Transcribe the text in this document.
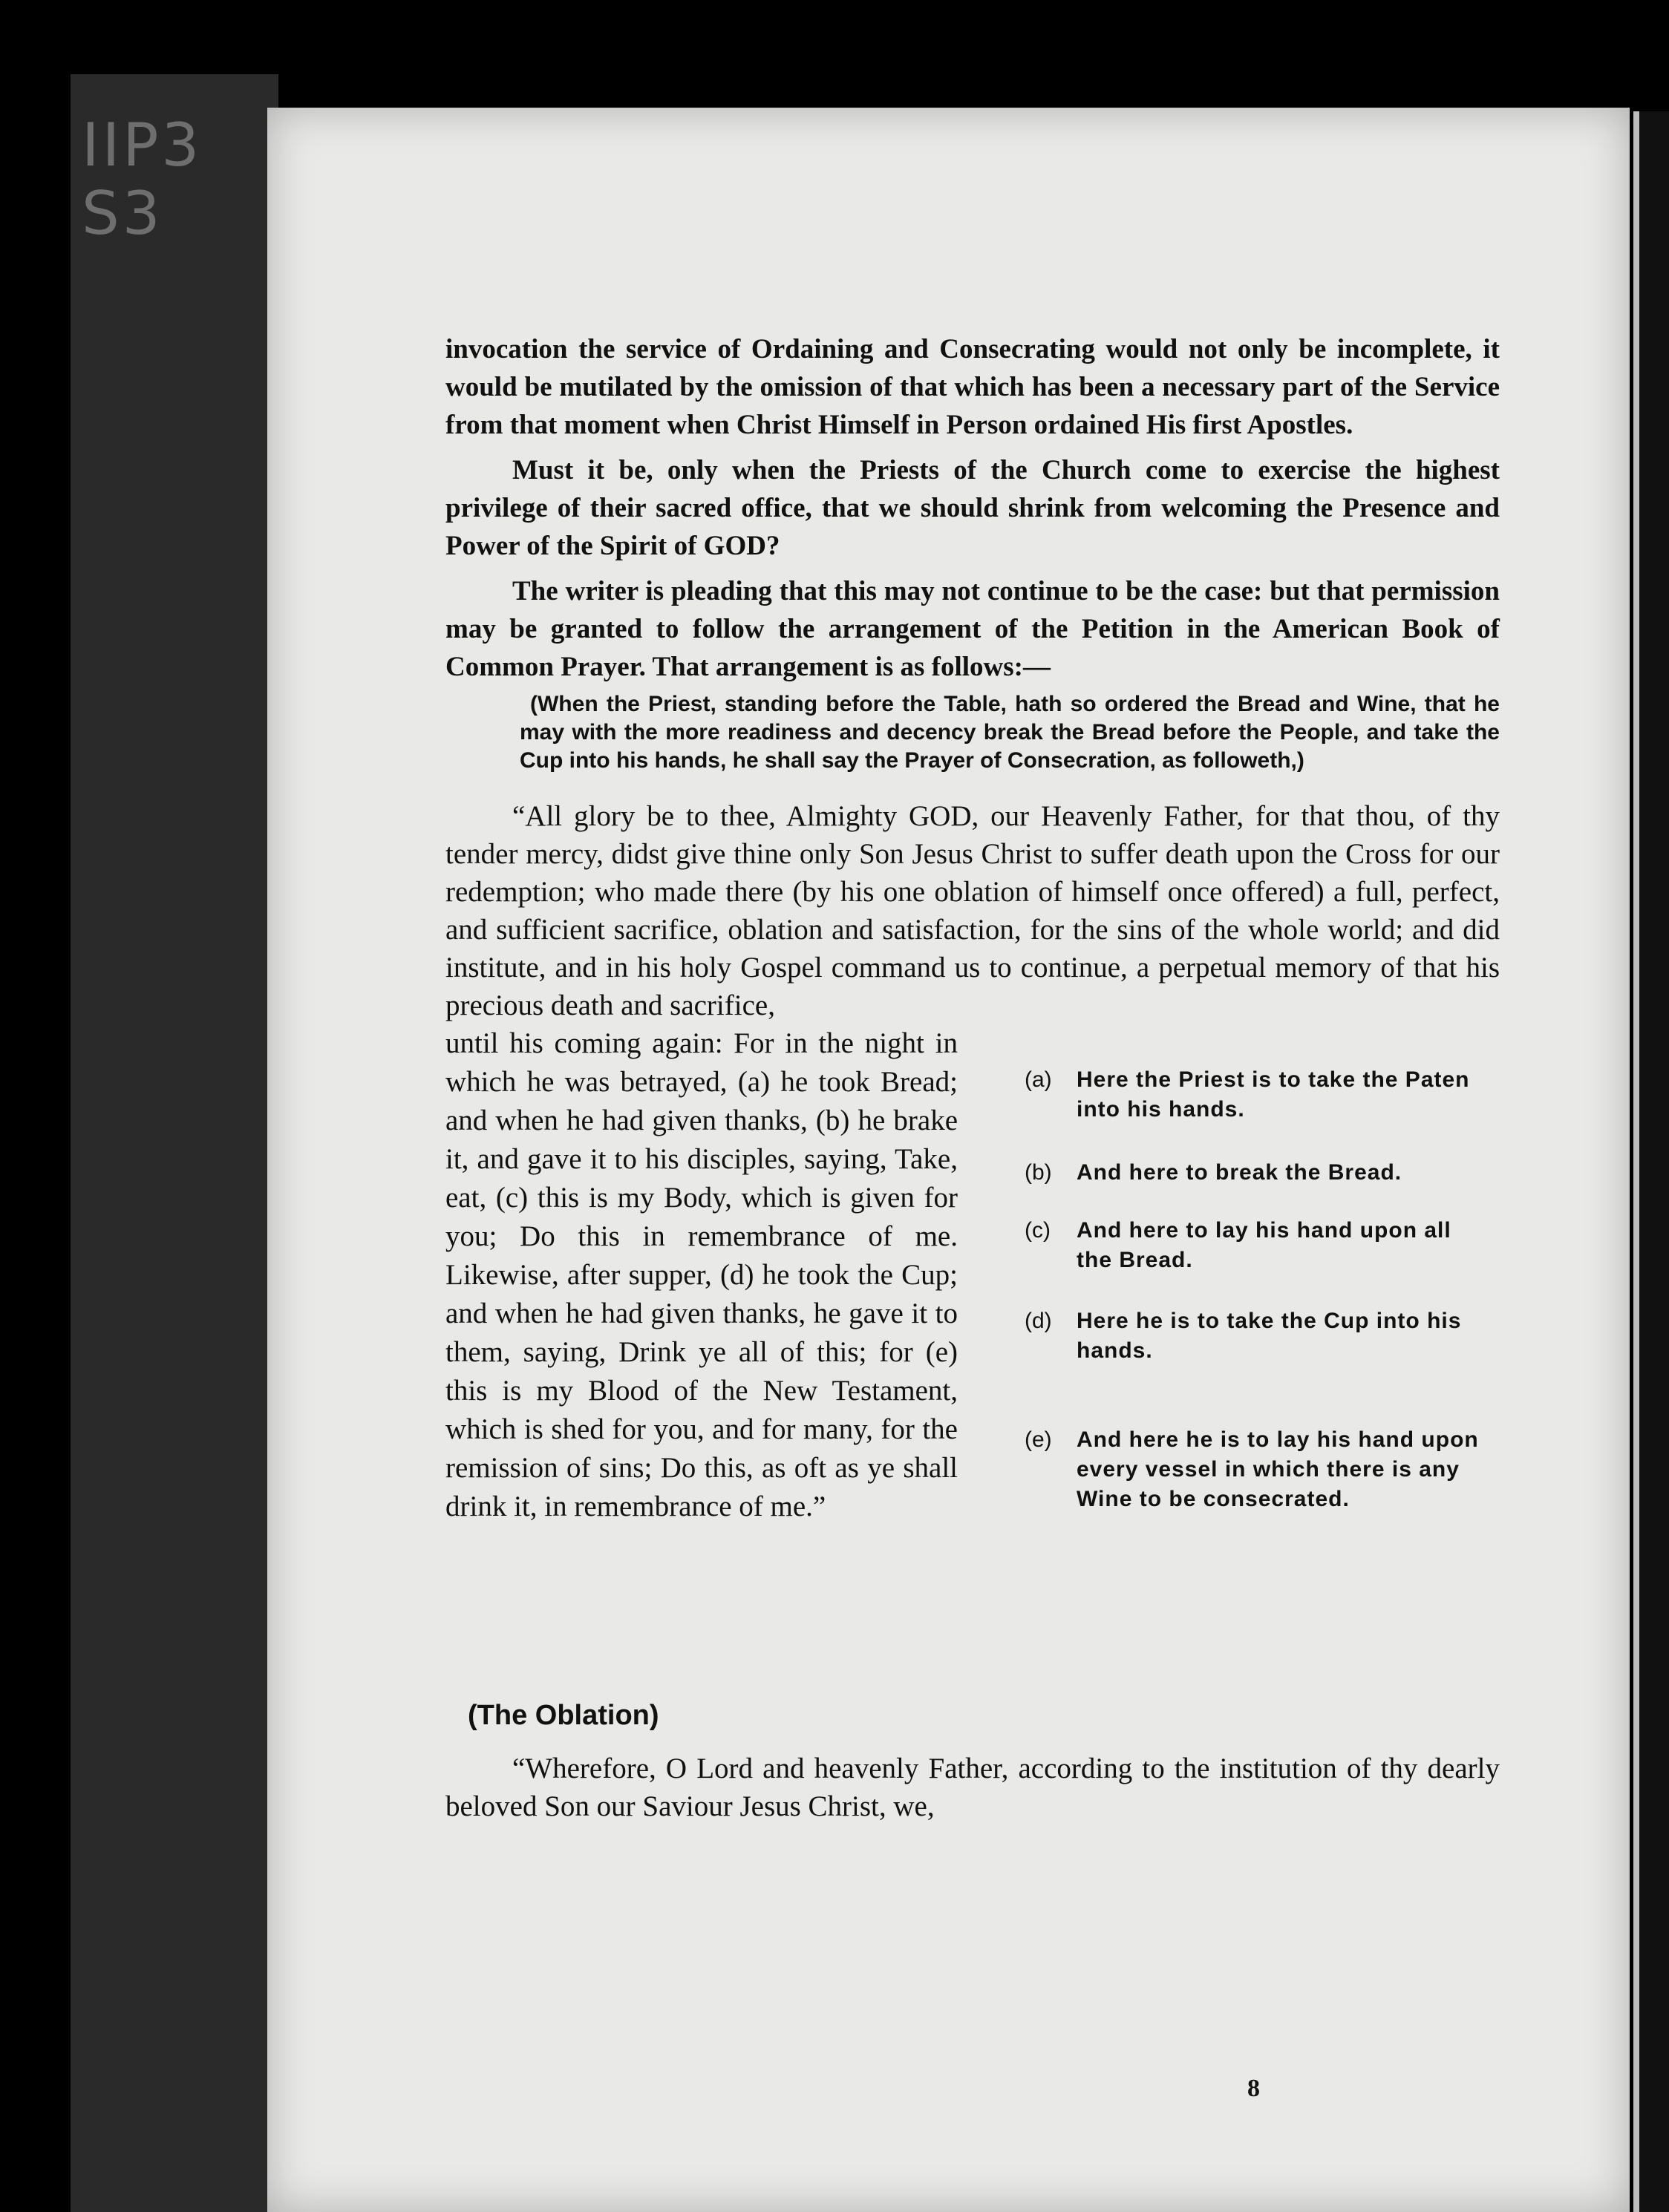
IIP3
S3

invocation the service of Ordaining and Consecrating would not only be incomplete, it would be mutilated by the omission of that which has been a necessary part of the Service from that moment when Christ Himself in Person ordained His first Apostles.

Must it be, only when the Priests of the Church come to exercise the highest privilege of their sacred office, that we should shrink from welcoming the Presence and Power of the Spirit of GOD?

The writer is pleading that this may not continue to be the case: but that permission may be granted to follow the arrangement of the Petition in the American Book of Common Prayer. That arrangement is as follows:—

(When the Priest, standing before the Table, hath so ordered the Bread and Wine, that he may with the more readiness and decency break the Bread before the People, and take the Cup into his hands, he shall say the Prayer of Consecration, as followeth,)

“All glory be to thee, Almighty GOD, our Heavenly Father, for that thou, of thy tender mercy, didst give thine only Son Jesus Christ to suffer death upon the Cross for our redemption; who made there (by his one oblation of himself once offered) a full, perfect, and sufficient sacrifice, oblation and satisfaction, for the sins of the whole world; and did institute, and in his holy Gospel command us to continue, a perpetual memory of that his precious death and sacrifice,

until his coming again: For in the night in which he was betrayed, (a) he took Bread; and when he had given thanks, (b) he brake it, and gave it to his disciples, saying, Take, eat, (c) this is my Body, which is given for you; Do this in remembrance of me. Likewise, after supper, (d) he took the Cup; and when he had given thanks, he gave it to them, saying, Drink ye all of this; for (e) this is my Blood of the New Testament, which is shed for you, and for many, for the remission of sins; Do this, as oft as ye shall drink it, in remembrance of me.”
(a)	Here the Priest is to take the Paten into his hands.
(b)	And here to break the Bread.
(c)	And here to lay his hand upon all the Bread.
(d)	Here he is to take the Cup into his hands.
(e)	And here he is to lay his hand upon every vessel in which there is any Wine to be consecrated.
(The Oblation)

“Wherefore, O Lord and heavenly Father, according to the institution of thy dearly beloved Son our Saviour Jesus Christ, we,

8
